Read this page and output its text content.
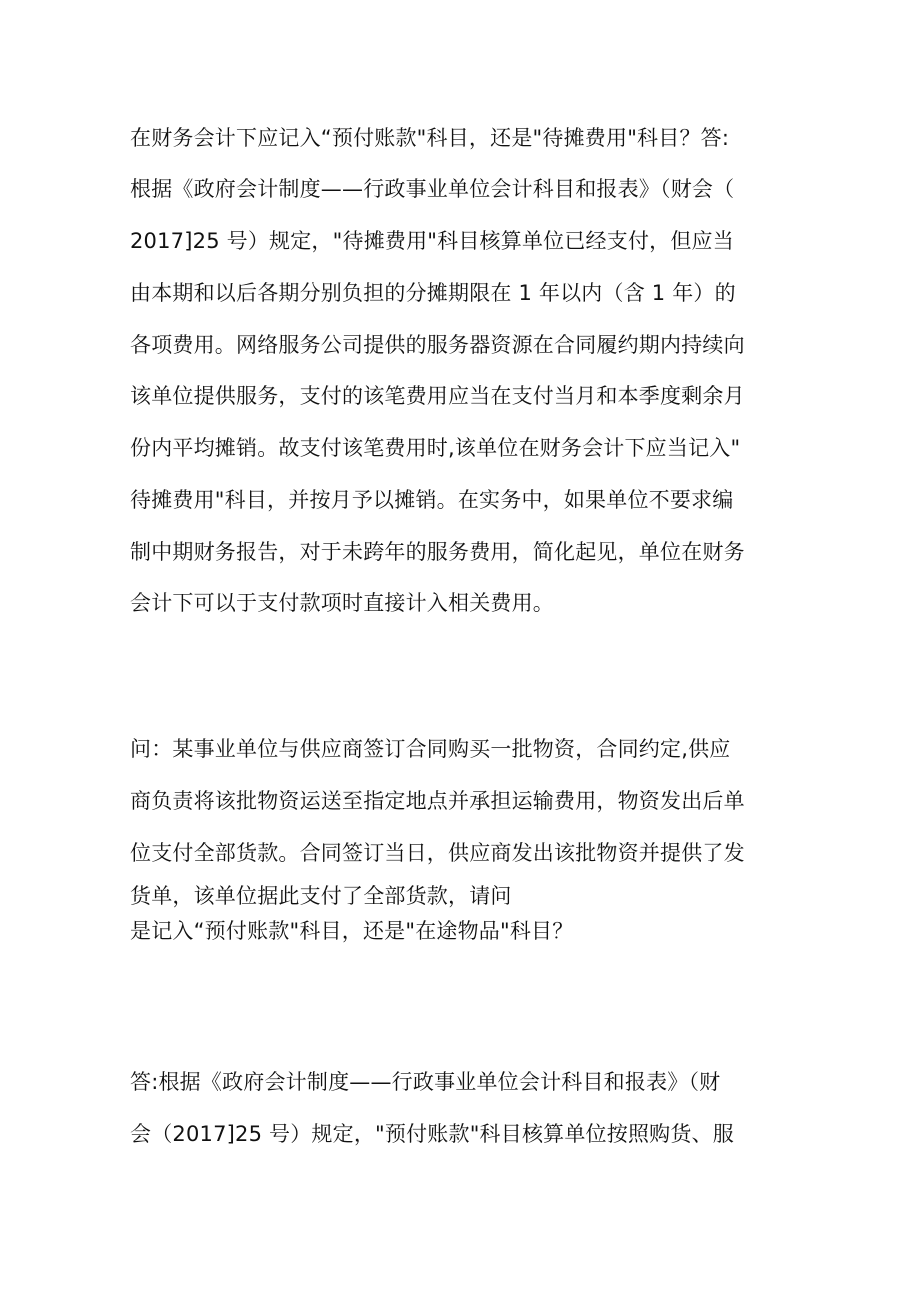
在财务会计下应记入“预付账款"科目，还是"待摊费用"科目？答:
根据《政府会计制度——行政事业单位会计科目和报表》（财会（
2017]25 号）规定，"待摊费用"科目核算单位已经支付，但应当
由本期和以后各期分别负担的分摊期限在 1 年以内（含 1 年）的
各项费用。网络服务公司提供的服务器资源在合同履约期内持续向
该单位提供服务，支付的该笔费用应当在支付当月和本季度剩余月
份内平均摊销。故支付该笔费用时,该单位在财务会计下应当记入"
待摊费用"科目，并按月予以摊销。在实务中，如果单位不要求编
制中期财务报告，对于未跨年的服务费用，简化起见，单位在财务
会计下可以于支付款项时直接计入相关费用。
问：某事业单位与供应商签订合同购买一批物资，合同约定,供应
商负责将该批物资运送至指定地点并承担运输费用，物资发出后单
位支付全部货款。合同签订当日，供应商发出该批物资并提供了发
货单，该单位据此支付了全部货款，请问
是记入“预付账款"科目，还是"在途物品"科目？
答:根据《政府会计制度——行政事业单位会计科目和报表》（财
会（2017]25 号）规定，"预付账款"科目核算单位按照购货、服
